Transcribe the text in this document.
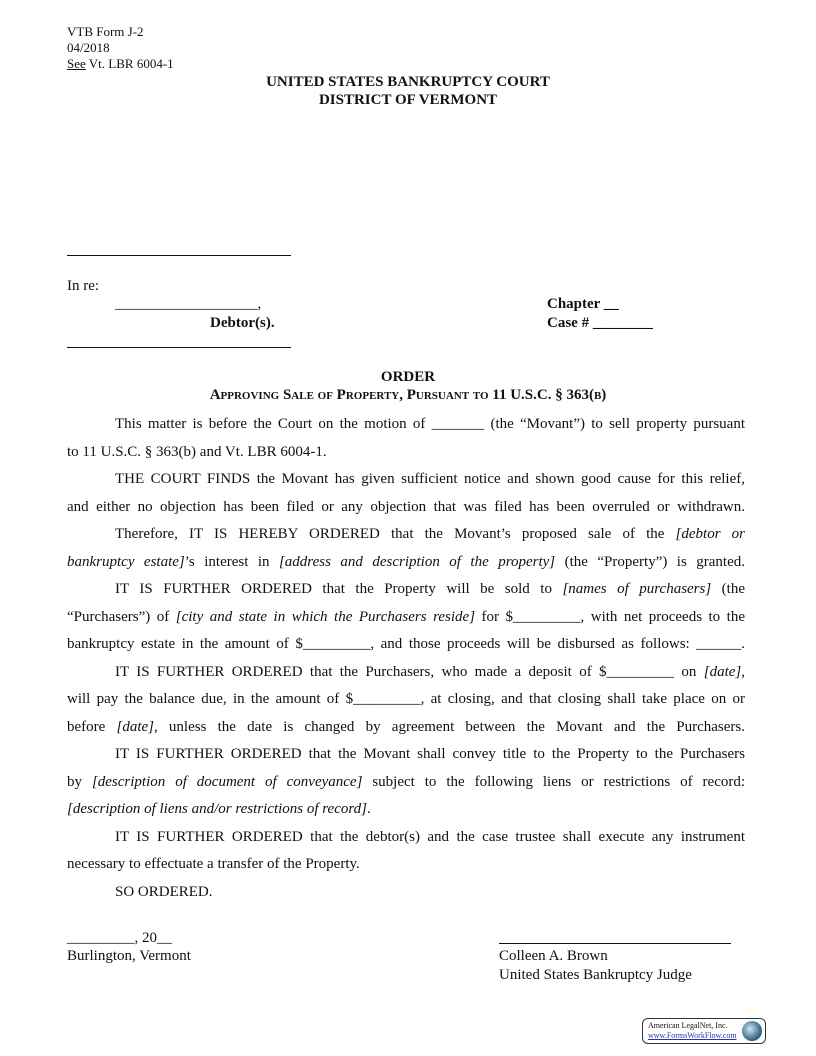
VTB Form J-2
04/2018
See Vt. LBR 6004-1
UNITED STATES BANKRUPTCY COURT
DISTRICT OF VERMONT
In re:
___________________,
Debtor(s).
Chapter __
Case # ________
ORDER
Approving Sale of Property, Pursuant to 11 U.S.C. § 363(b)
This matter is before the Court on the motion of _______ (the “Movant”) to sell property pursuant
to 11 U.S.C. § 363(b) and Vt. LBR 6004-1.
THE COURT FINDS the Movant has given sufficient notice and shown good cause for this relief,
and either no objection has been filed or any objection that was filed has been overruled or withdrawn.
Therefore, IT IS HEREBY ORDERED that the Movant’s proposed sale of the [debtor or
bankruptcy estate]’s interest in [address and description of the property] (the “Property”) is granted.
IT IS FURTHER ORDERED that the Property will be sold to [names of purchasers] (the
“Purchasers”) of [city and state in which the Purchasers reside] for $_________, with net proceeds to the
bankruptcy estate in the amount of $_________, and those proceeds will be disbursed as follows: ______.
IT IS FURTHER ORDERED that the Purchasers, who made a deposit of $_________ on [date],
will pay the balance due, in the amount of $_________, at closing, and that closing shall take place on or
before [date], unless the date is changed by agreement between the Movant and the Purchasers.
IT IS FURTHER ORDERED that the Movant shall convey title to the Property to the Purchasers
by [description of document of conveyance] subject to the following liens or restrictions of record:
[description of liens and/or restrictions of record].
IT IS FURTHER ORDERED that the debtor(s) and the case trustee shall execute any instrument
necessary to effectuate a transfer of the Property.
SO ORDERED.
_________, 20__
Burlington, Vermont	Colleen A. Brown
United States Bankruptcy Judge
American LegalNet, Inc.
www.FormsWorkFlow.com
